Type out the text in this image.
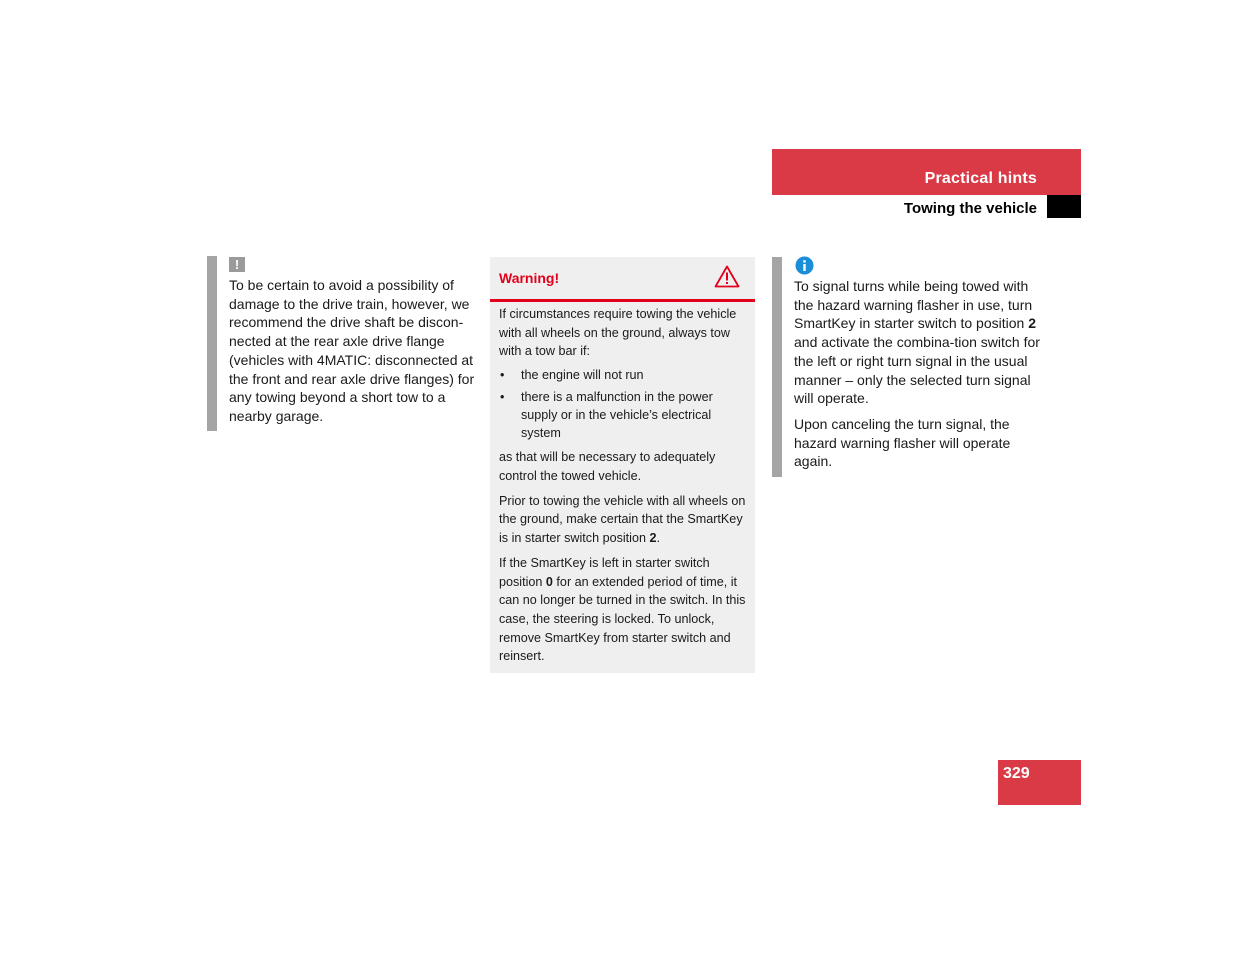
Practical hints
Towing the vehicle
!

To be certain to avoid a possibility of damage to the drive train, however, we recommend the drive shaft be discon-nected at the rear axle drive flange (vehicles with 4MATIC: disconnected at the front and rear axle drive flanges) for any towing beyond a short tow to a nearby garage.

Warning!

If circumstances require towing the vehicle with all wheels on the ground, always tow with a tow bar if:

• the engine will not run
• there is a malfunction in the power supply or in the vehicle’s electrical system

as that will be necessary to adequately control the towed vehicle.

Prior to towing the vehicle with all wheels on the ground, make certain that the SmartKey is in starter switch position 2.

If the SmartKey is left in starter switch position 0 for an extended period of time, it can no longer be turned in the switch. In this case, the steering is locked. To unlock, remove SmartKey from starter switch and reinsert.

To signal turns while being towed with the hazard warning flasher in use, turn SmartKey in starter switch to position 2 and activate the combina-tion switch for the left or right turn signal in the usual manner – only the selected turn signal will operate.

Upon canceling the turn signal, the hazard warning flasher will operate again.

329
